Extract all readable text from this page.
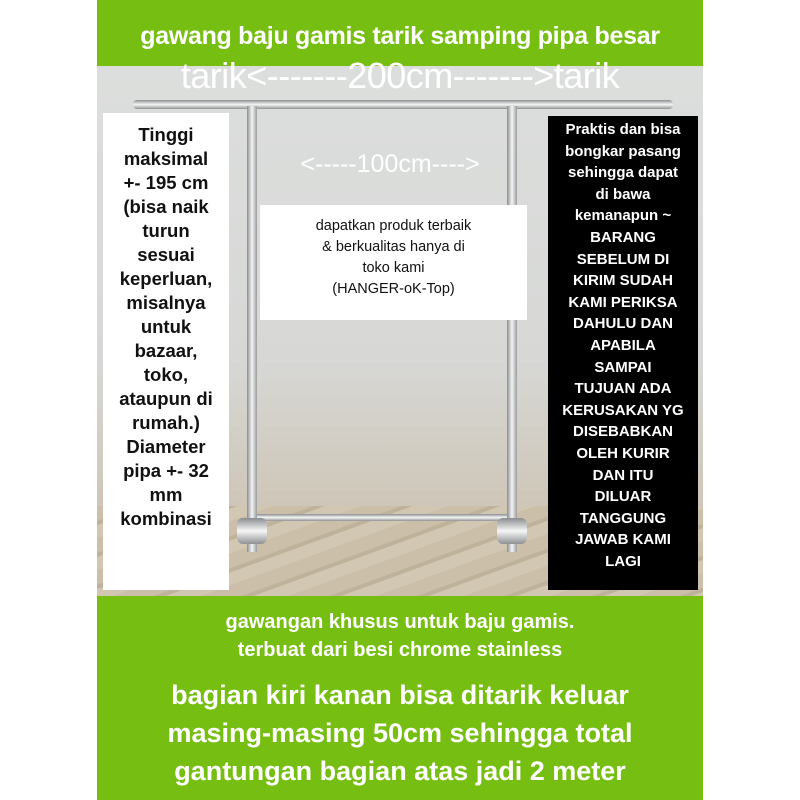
gawang baju gamis tarik samping pipa besar
tarik<-------200cm------->tarik
<-----100cm---->
Tinggi
maksimal
+- 195 cm
(bisa naik
turun
sesuai
keperluan,
misalnya
untuk
bazaar,
toko,
ataupun di
rumah.)
Diameter
pipa +- 32
mm
kombinasi
dapatkan produk terbaik
& berkualitas hanya di
toko kami
(HANGER-oK-Top)
Praktis dan bisa
bongkar pasang
sehingga dapat
di bawa
kemanapun ~
BARANG
SEBELUM DI
KIRIM SUDAH
KAMI PERIKSA
DAHULU DAN
APABILA
SAMPAI
TUJUAN ADA
KERUSAKAN YG
DISEBABKAN
OLEH KURIR
DAN ITU
DILUAR
TANGGUNG
JAWAB KAMI
LAGI
gawangan khusus untuk baju gamis.
terbuat dari besi chrome stainless
bagian kiri kanan bisa ditarik keluar
masing-masing 50cm sehingga total
gantungan bagian atas jadi 2 meter
